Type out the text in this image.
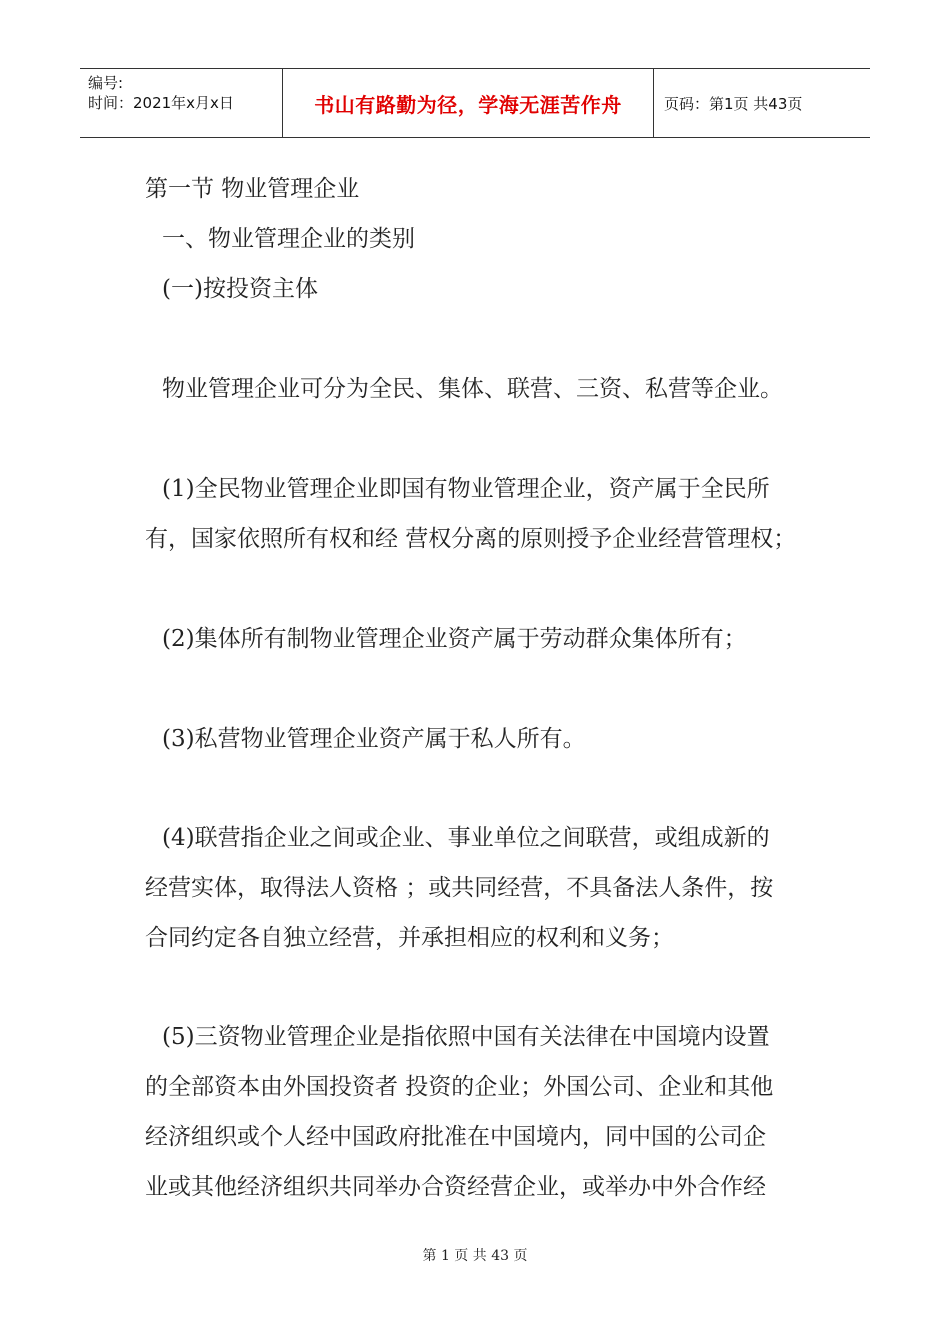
编号:
时间：2021年x月x日	书山有路勤为径，学海无涯苦作舟	页码：第1页 共43页
第一节 物业管理企业
一、物业管理企业的类别
(一)按投资主体
物业管理企业可分为全民、集体、联营、三资、私营等企业。
(1)全民物业管理企业即国有物业管理企业，资产属于全民所
有，国家依照所有权和经 营权分离的原则授予企业经营管理权；
(2)集体所有制物业管理企业资产属于劳动群众集体所有；
(3)私营物业管理企业资产属于私人所有。
(4)联营指企业之间或企业、事业单位之间联营，或组成新的
经营实体，取得法人资格 ；或共同经营，不具备法人条件，按
合同约定各自独立经营，并承担相应的权利和义务；
(5)三资物业管理企业是指依照中国有关法律在中国境内设置
的全部资本由外国投资者 投资的企业；外国公司、企业和其他
经济组织或个人经中国政府批准在中国境内，同中国的公司企
业或其他经济组织共同举办合资经营企业，或举办中外合作经
第 1 页 共 43 页
